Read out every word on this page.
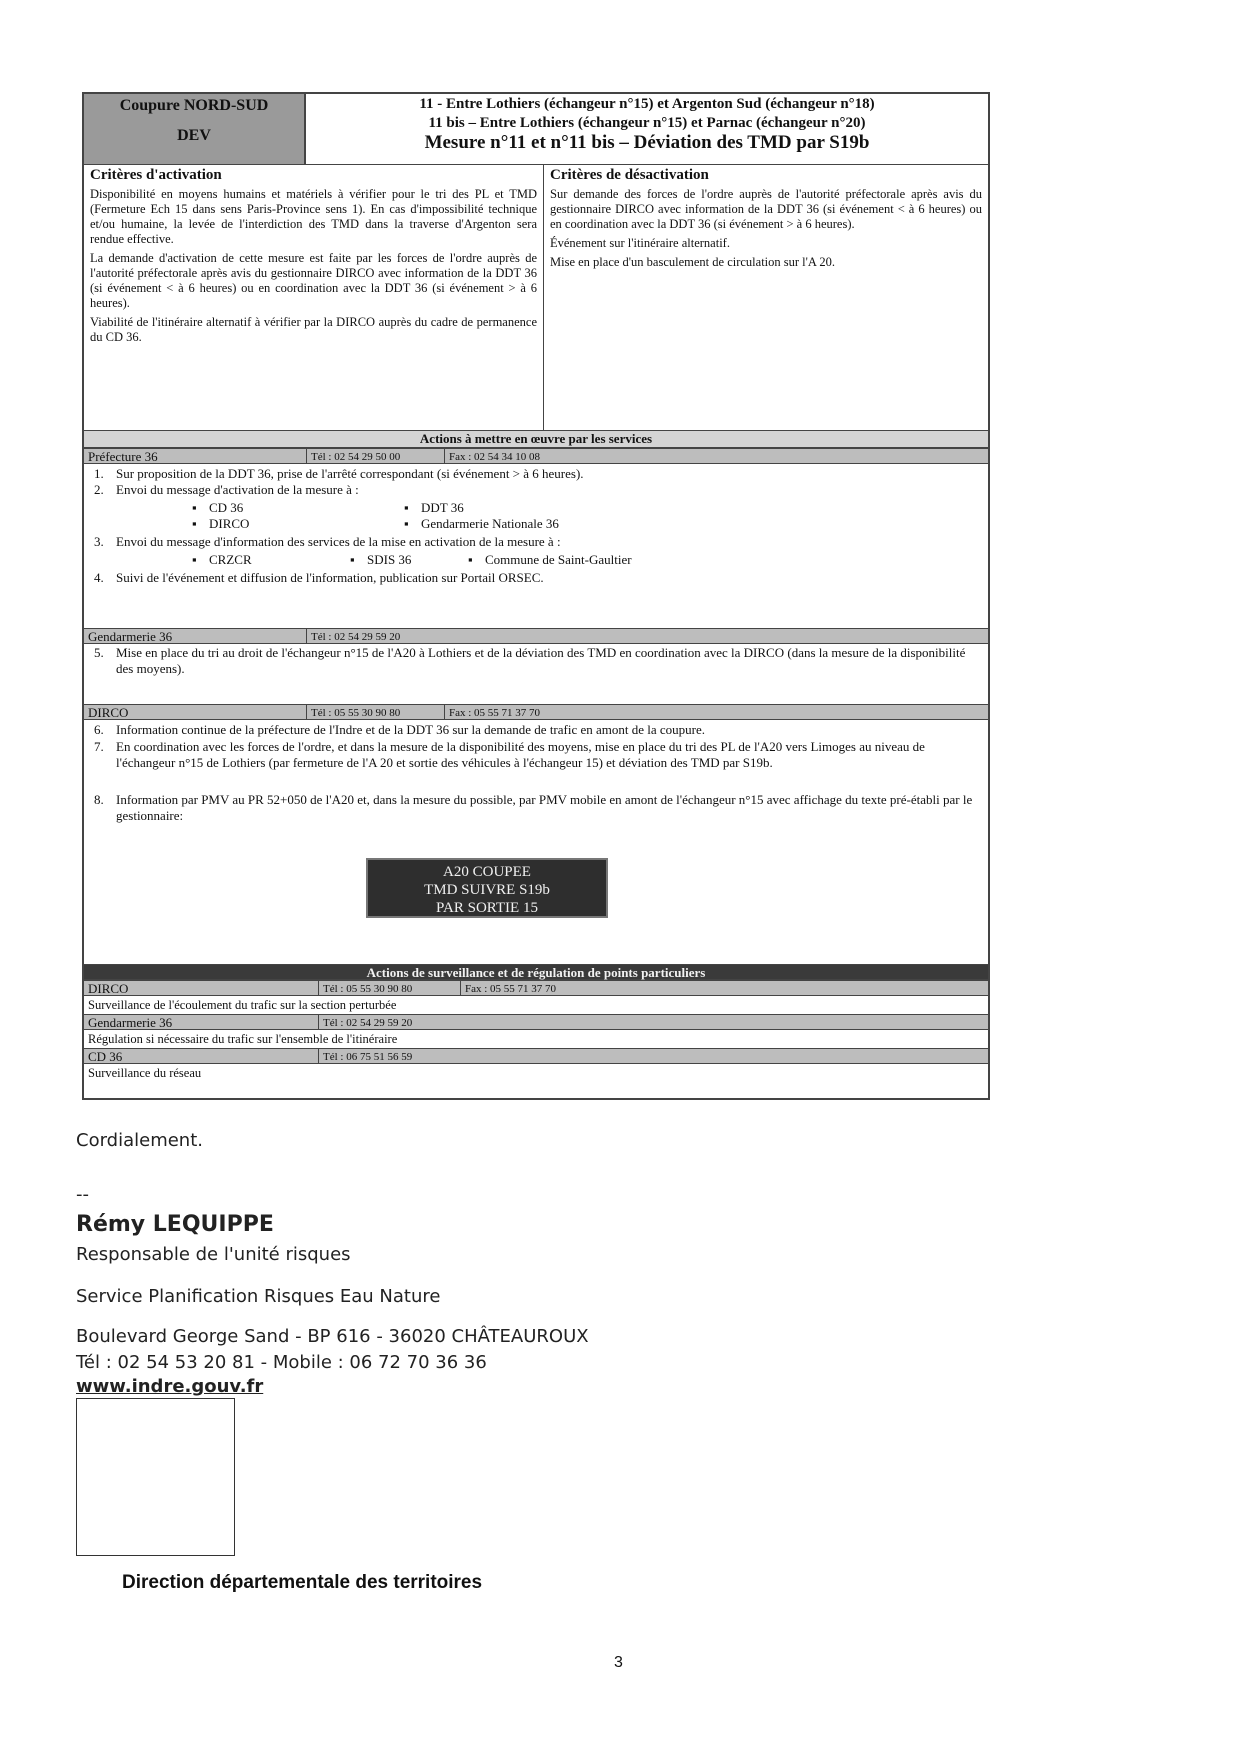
Coupure NORD-SUD
DEV
11 - Entre Lothiers (échangeur n°15) et Argenton Sud (échangeur n°18)
11 bis – Entre Lothiers (échangeur n°15) et Parnac (échangeur n°20)
Mesure n°11 et n°11 bis – Déviation des TMD par S19b
Critères d'activation

Disponibilité en moyens humains et matériels à vérifier pour le tri des PL et TMD (Fermeture Ech 15 dans sens Paris-Province sens 1). En cas d'impossibilité technique et/ou humaine, la levée de l'interdiction des TMD dans la traverse d'Argenton sera rendue effective.

La demande d'activation de cette mesure est faite par les forces de l'ordre auprès de l'autorité préfectorale après avis du gestionnaire DIRCO avec information de la DDT 36 (si événement < à 6 heures) ou en coordination avec la DDT 36 (si événement > à 6 heures).

Viabilité de l'itinéraire alternatif à vérifier par la DIRCO auprès du cadre de permanence du CD 36.

Critères de désactivation

Sur demande des forces de l'ordre auprès de l'autorité préfectorale après avis du gestionnaire DIRCO avec information de la DDT 36 (si événement < à 6 heures) ou en coordination avec la DDT 36 (si événement > à 6 heures).

Événement sur l'itinéraire alternatif.

Mise en place d'un basculement de circulation sur l'A 20.

Actions à mettre en œuvre par les services
Préfecture 36	Tél : 02 54 29 50 00	Fax : 02 54 34 10 08
1. Sur proposition de la DDT 36, prise de l'arrêté correspondant (si événement > à 6 heures).
2. Envoi du message d'activation de la mesure à :
▪ CD 36	▪ DDT 36
▪ DIRCO	▪ Gendarmerie Nationale 36
3. Envoi du message d'information des services de la mise en activation de la mesure à :
▪ CRZCR	▪ SDIS 36	▪ Commune de Saint-Gaultier
4. Suivi de l'événement et diffusion de l'information, publication sur Portail ORSEC.
Gendarmerie 36	Tél : 02 54 29 59 20
5. Mise en place du tri au droit de l'échangeur n°15 de l'A20 à Lothiers et de la déviation des TMD en coordination avec la DIRCO (dans la mesure de la disponibilité des moyens).
DIRCO	Tél : 05 55 30 90 80	Fax : 05 55 71 37 70
6. Information continue de la préfecture de l'Indre et de la DDT 36 sur la demande de trafic en amont de la coupure.
7. En coordination avec les forces de l'ordre, et dans la mesure de la disponibilité des moyens, mise en place du tri des PL de l'A20 vers Limoges au niveau de l'échangeur n°15 de Lothiers (par fermeture de l'A 20 et sortie des véhicules à l'échangeur 15) et déviation des TMD par S19b.
8. Information par PMV au PR 52+050 de l'A20 et, dans la mesure du possible, par PMV mobile en amont de l'échangeur n°15 avec affichage du texte pré-établi par le gestionnaire:
A20 COUPEE
TMD SUIVRE S19b
PAR SORTIE 15
Actions de surveillance et de régulation de points particuliers
DIRCO	Tél : 05 55 30 90 80	Fax : 05 55 71 37 70
Surveillance de l'écoulement du trafic sur la section perturbée
Gendarmerie 36	Tél : 02 54 29 59 20
Régulation si nécessaire du trafic sur l'ensemble de l'itinéraire
CD 36	Tél : 06 75 51 56 59
Surveillance du réseau
Cordialement.
--
Rémy LEQUIPPE
Responsable de l'unité risques
Service Planification Risques Eau Nature
Boulevard George Sand - BP 616 - 36020 CHÂTEAUROUX
Tél : 02 54 53 20 81 - Mobile : 06 72 70 36 36
www.indre.gouv.fr
Direction départementale des territoires
3
